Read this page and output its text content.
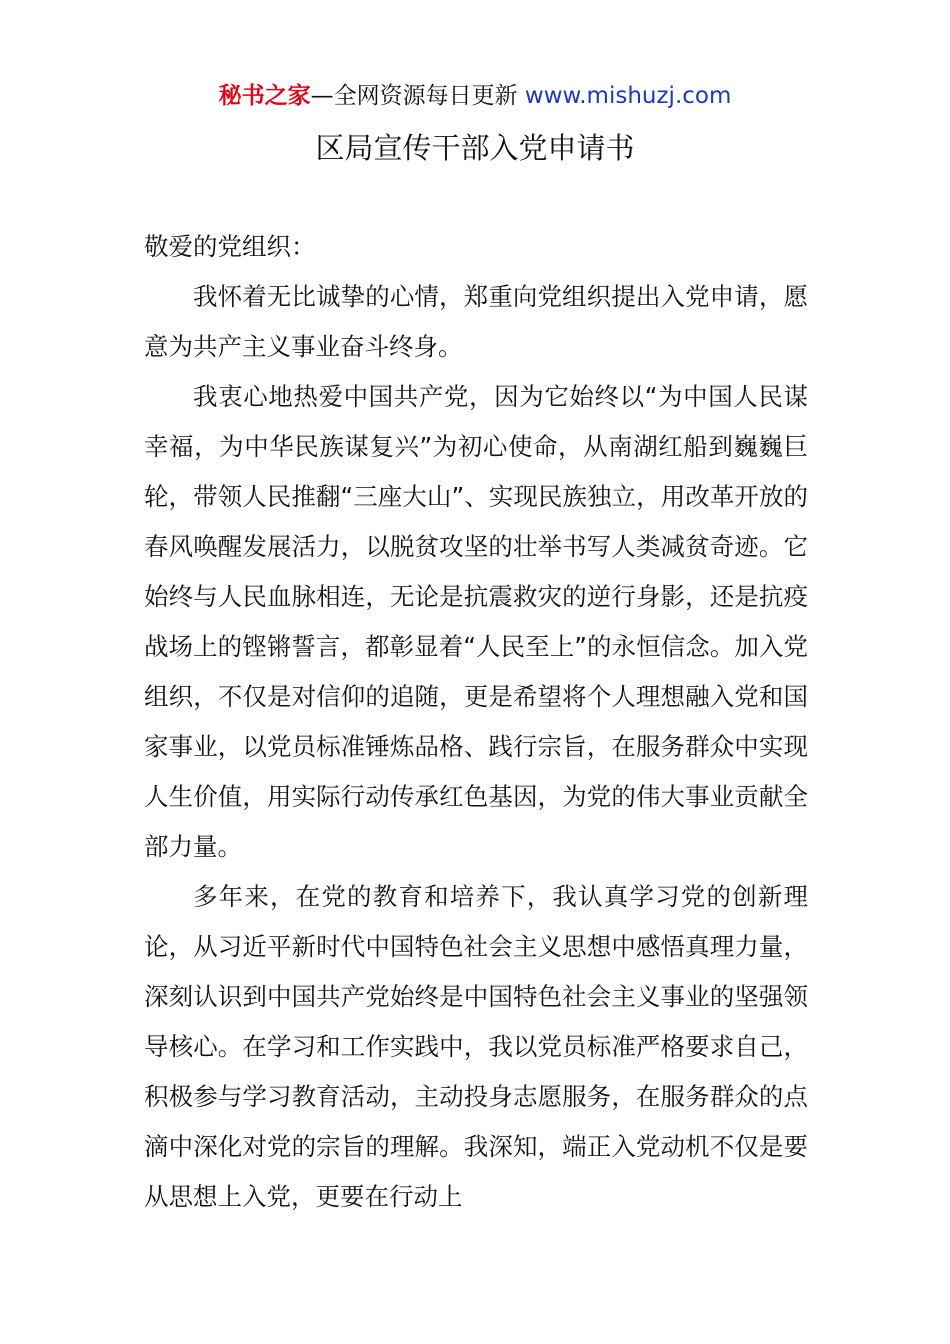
秘书之家—全网资源每日更新 www.mishuzj.com
区局宣传干部入党申请书

敬爱的党组织：

我怀着无比诚挚的心情，郑重向党组织提出入党申请，愿意为共产主义事业奋斗终身。

我衷心地热爱中国共产党，因为它始终以“为中国人民谋幸福，为中华民族谋复兴”为初心使命，从南湖红船到巍巍巨轮，带领人民推翻“三座大山”、实现民族独立，用改革开放的春风唤醒发展活力，以脱贫攻坚的壮举书写人类减贫奇迹。它始终与人民血脉相连，无论是抗震救灾的逆行身影，还是抗疫战场上的铿锵誓言，都彰显着“人民至上”的永恒信念。加入党组织，不仅是对信仰的追随，更是希望将个人理想融入党和国家事业，以党员标准锤炼品格、践行宗旨，在服务群众中实现人生价值，用实际行动传承红色基因，为党的伟大事业贡献全部力量。

多年来，在党的教育和培养下，我认真学习党的创新理论，从习近平新时代中国特色社会主义思想中感悟真理力量，深刻认识到中国共产党始终是中国特色社会主义事业的坚强领导核心。在学习和工作实践中，我以党员标准严格要求自己，积极参与学习教育活动，主动投身志愿服务，在服务群众的点滴中深化对党的宗旨的理解。我深知，端正入党动机不仅是要从思想上入党，更要在行动上
